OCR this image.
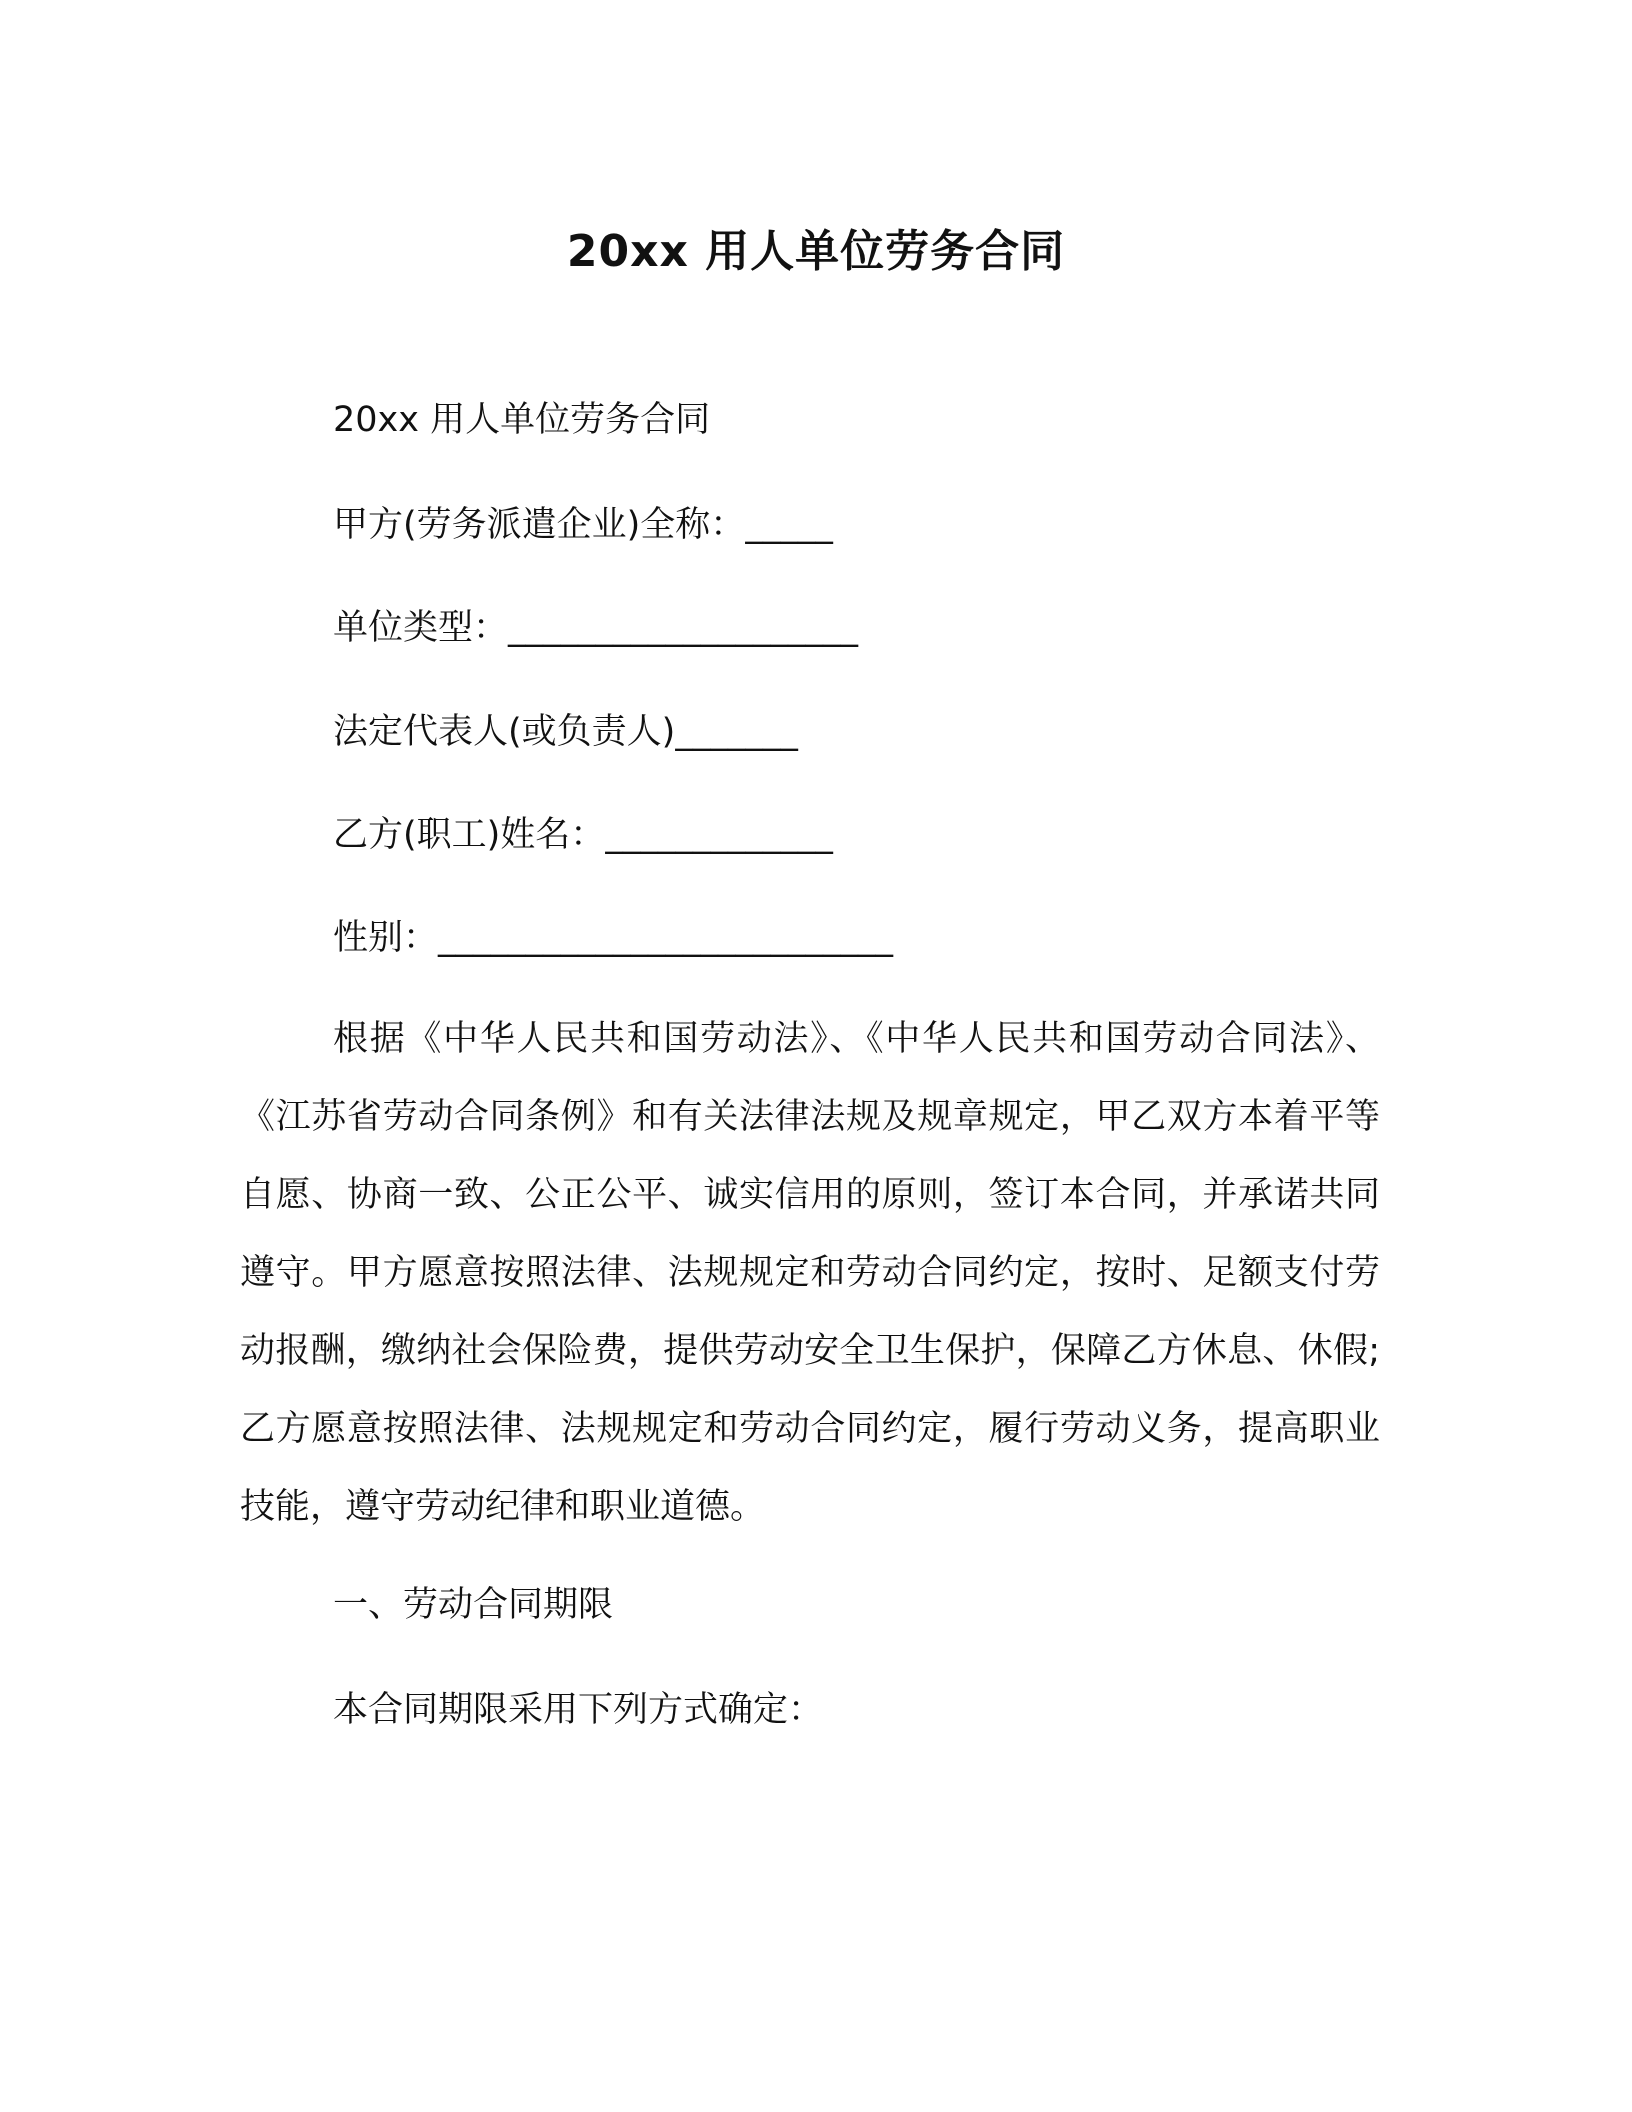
20xx 用人单位劳务合同
20xx 用人单位劳务合同
甲方(劳务派遣企业)全称：_____
单位类型：____________________
法定代表人(或负责人)_______
乙方(职工)姓名：_____________
性别：__________________________
根据《中华人民共和国劳动法》、《中华人民共和国劳动合同法》、《江苏省劳动合同条例》和有关法律法规及规章规定，甲乙双方本着平等自愿、协商一致、公正公平、诚实信用的原则，签订本合同，并承诺共同遵守。甲方愿意按照法律、法规规定和劳动合同约定，按时、足额支付劳动报酬，缴纳社会保险费，提供劳动安全卫生保护，保障乙方休息、休假;乙方愿意按照法律、法规规定和劳动合同约定，履行劳动义务，提高职业技能，遵守劳动纪律和职业道德。
一、劳动合同期限
本合同期限采用下列方式确定：
